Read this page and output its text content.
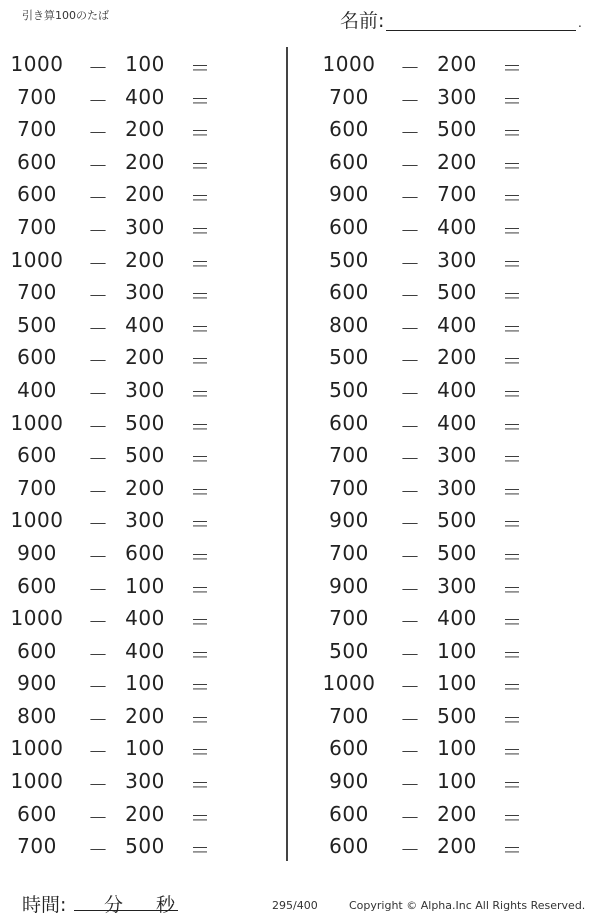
引き算100のたば	名前:	.
1000 － 100	＝
700	－ 400	＝
700	－ 200	＝
600	－ 200	＝
600	－ 200	＝
700	－ 300	＝
1000 － 200	＝
700	－ 300	＝
500	－ 400	＝
600	－ 200	＝
400	－ 300	＝
1000 － 500	＝
600	－ 500	＝
700	－ 200	＝
1000 － 300	＝
900	－ 600	＝
600	－ 100	＝
1000 － 400	＝
600	－ 400	＝
900	－ 100	＝
800	－ 200	＝
1000 － 100	＝
1000 － 300	＝
600	－ 200	＝
700	－ 500	＝
1000 － 200	＝
700	－ 300	＝
600	－ 500	＝
600	－ 200	＝
900	－ 700	＝
600	－ 400	＝
500	－ 300	＝
600	－ 500	＝
800	－ 400	＝
500	－ 200	＝
500	－ 400	＝
600	－ 400	＝
700	－ 300	＝
700	－ 300	＝
900	－ 500	＝
700	－ 500	＝
900	－ 300	＝
700	－ 400	＝
500	－ 100	＝
1000 － 100	＝
700	－ 500	＝
600	－ 100	＝
900	－ 100	＝
600	－ 200	＝
600	－ 200	＝
時間: 分 秒	295/400	Copyright © Alpha.Inc All Rights Reserved.
